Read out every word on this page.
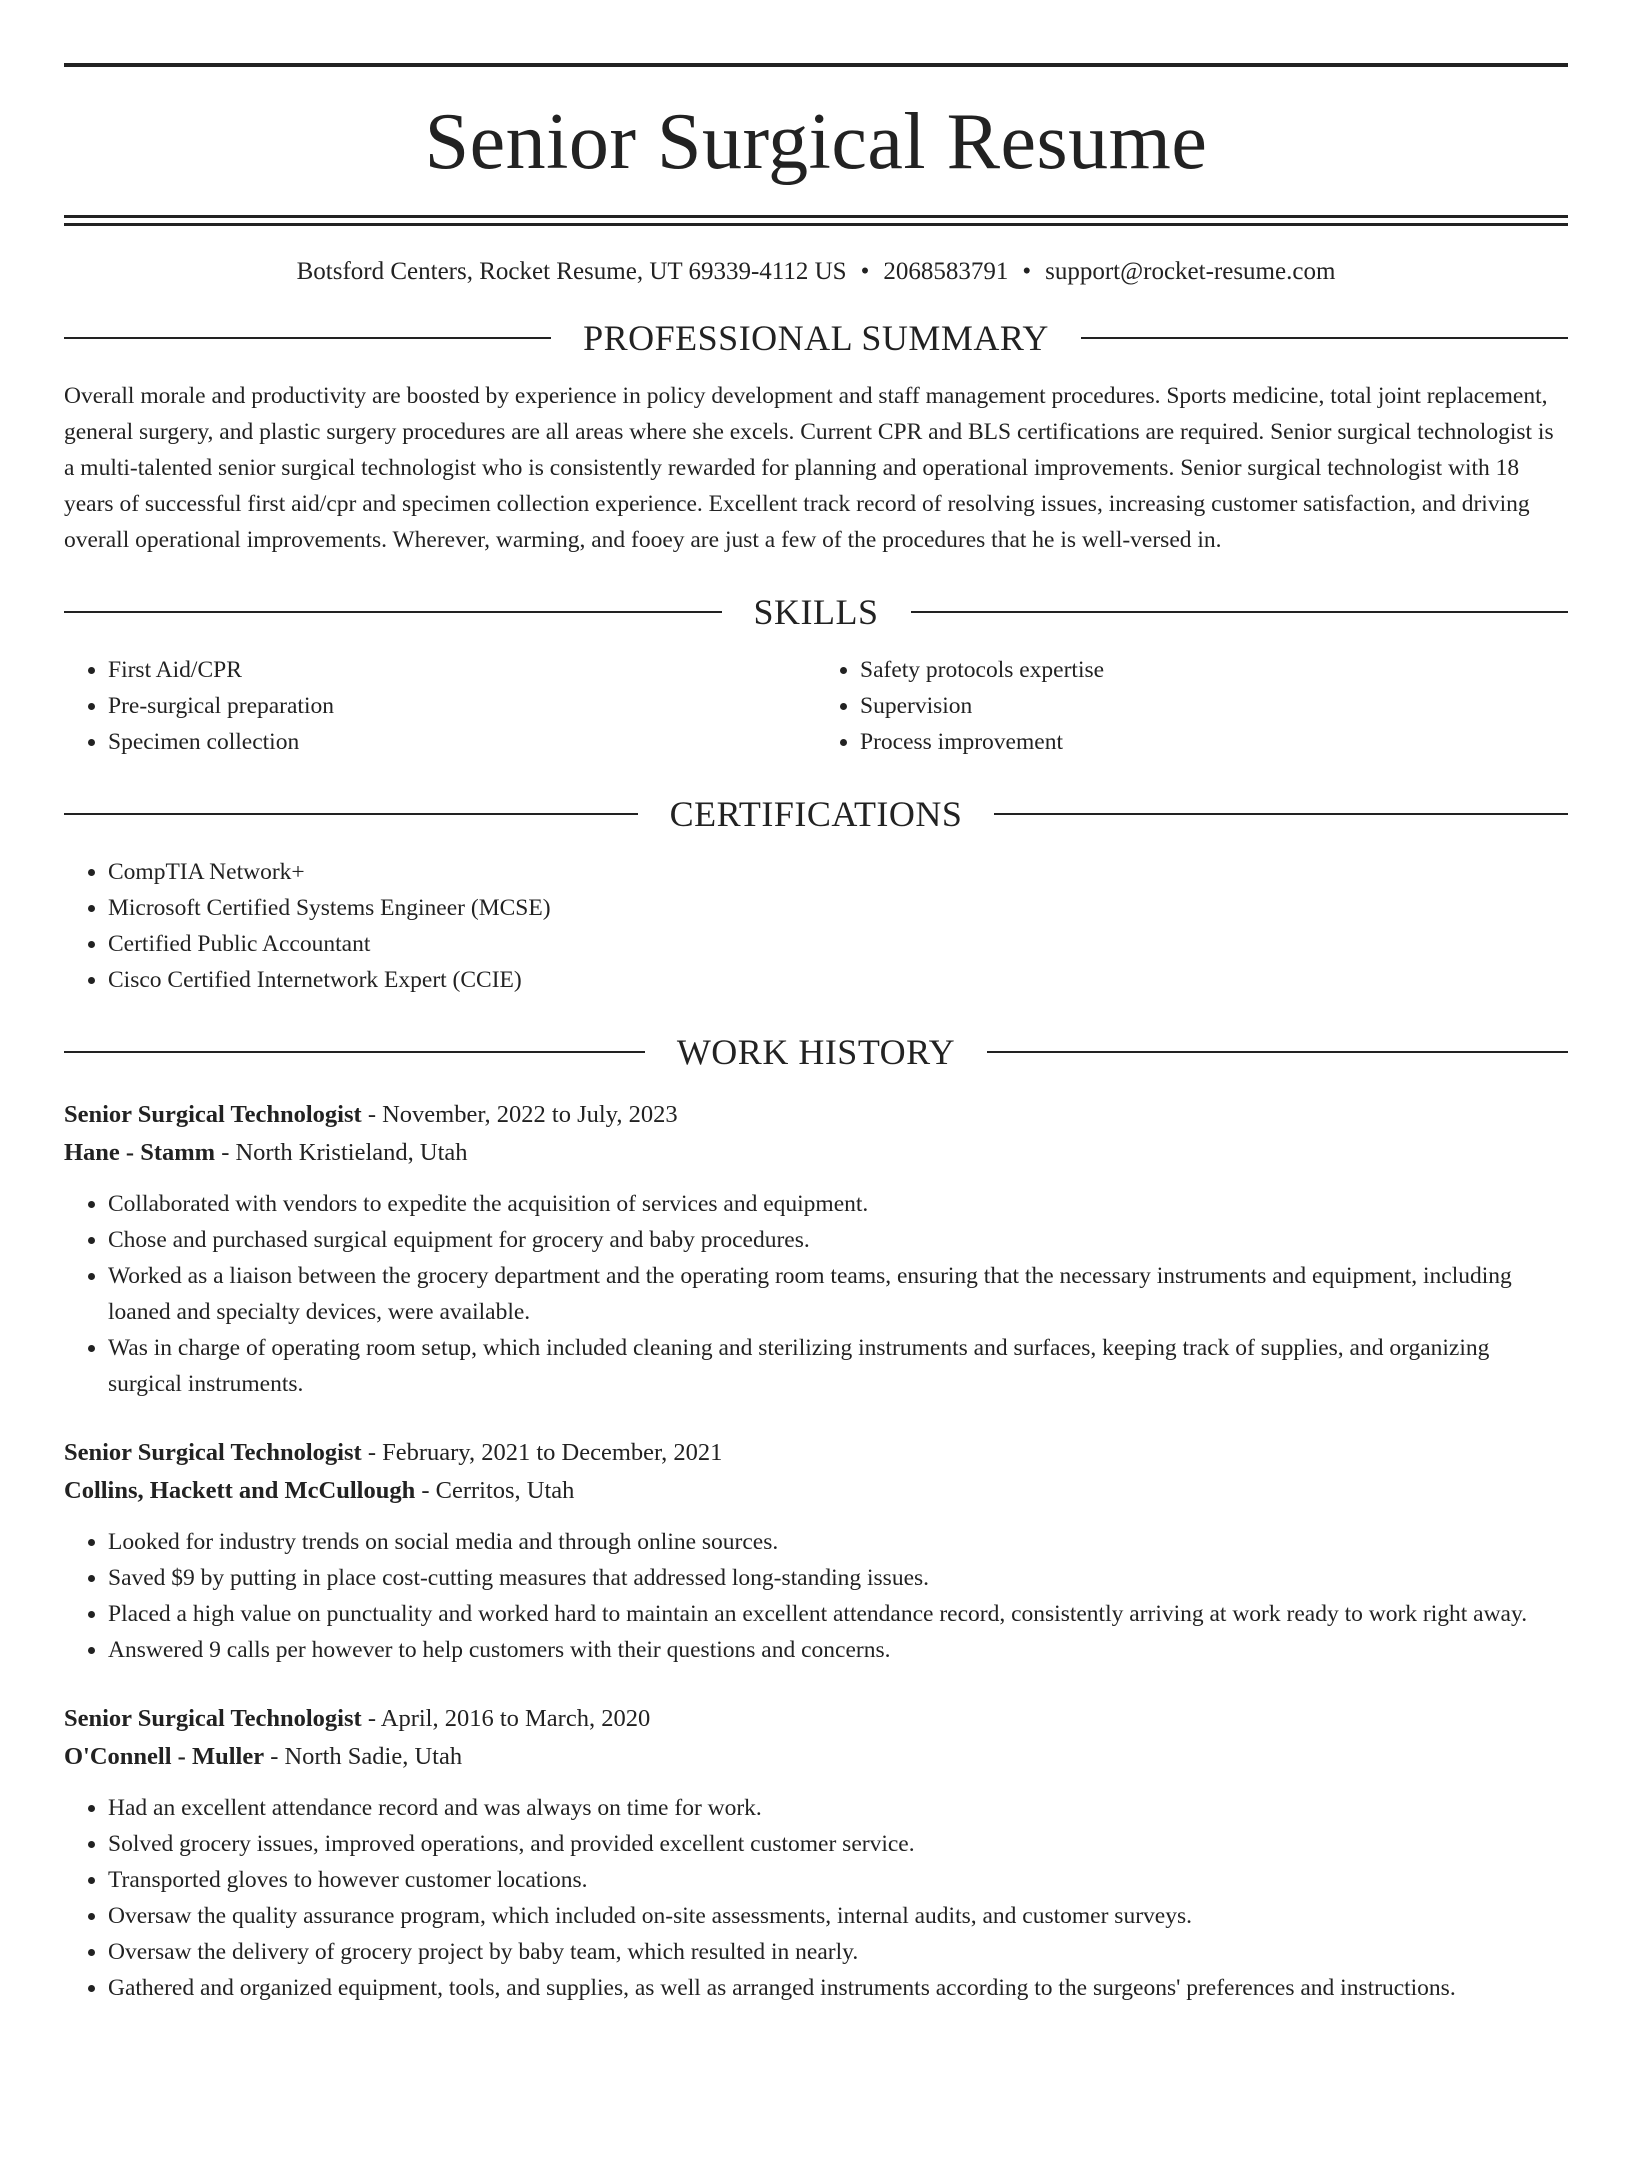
Senior Surgical Resume
Botsford Centers, Rocket Resume, UT 69339-4112 US • 2068583791 • support@rocket-resume.com
PROFESSIONAL SUMMARY

Overall morale and productivity are boosted by experience in policy development and staff management procedures. Sports medicine, total joint replacement, general surgery, and plastic surgery procedures are all areas where she excels. Current CPR and BLS certifications are required. Senior surgical technologist is a multi-talented senior surgical technologist who is consistently rewarded for planning and operational improvements. Senior surgical technologist with 18 years of successful first aid/cpr and specimen collection experience. Excellent track record of resolving issues, increasing customer satisfaction, and driving overall operational improvements. Wherever, warming, and fooey are just a few of the procedures that he is well-versed in.

SKILLS
• First Aid/CPR
• Pre-surgical preparation
• Specimen collection
• Safety protocols expertise
• Supervision
• Process improvement
CERTIFICATIONS
• CompTIA Network+
• Microsoft Certified Systems Engineer (MCSE)
• Certified Public Accountant
• Cisco Certified Internetwork Expert (CCIE)
WORK HISTORY
Senior Surgical Technologist - November, 2022 to July, 2023
Hane - Stamm - North Kristieland, Utah
• Collaborated with vendors to expedite the acquisition of services and equipment.
• Chose and purchased surgical equipment for grocery and baby procedures.
• Worked as a liaison between the grocery department and the operating room teams, ensuring that the necessary instruments and equipment, including loaned and specialty devices, were available.
• Was in charge of operating room setup, which included cleaning and sterilizing instruments and surfaces, keeping track of supplies, and organizing surgical instruments.
Senior Surgical Technologist - February, 2021 to December, 2021
Collins, Hackett and McCullough - Cerritos, Utah
• Looked for industry trends on social media and through online sources.
• Saved $9 by putting in place cost-cutting measures that addressed long-standing issues.
• Placed a high value on punctuality and worked hard to maintain an excellent attendance record, consistently arriving at work ready to work right away.
• Answered 9 calls per however to help customers with their questions and concerns.
Senior Surgical Technologist - April, 2016 to March, 2020
O'Connell - Muller - North Sadie, Utah
• Had an excellent attendance record and was always on time for work.
• Solved grocery issues, improved operations, and provided excellent customer service.
• Transported gloves to however customer locations.
• Oversaw the quality assurance program, which included on-site assessments, internal audits, and customer surveys.
• Oversaw the delivery of grocery project by baby team, which resulted in nearly.
• Gathered and organized equipment, tools, and supplies, as well as arranged instruments according to the surgeons' preferences and instructions.
